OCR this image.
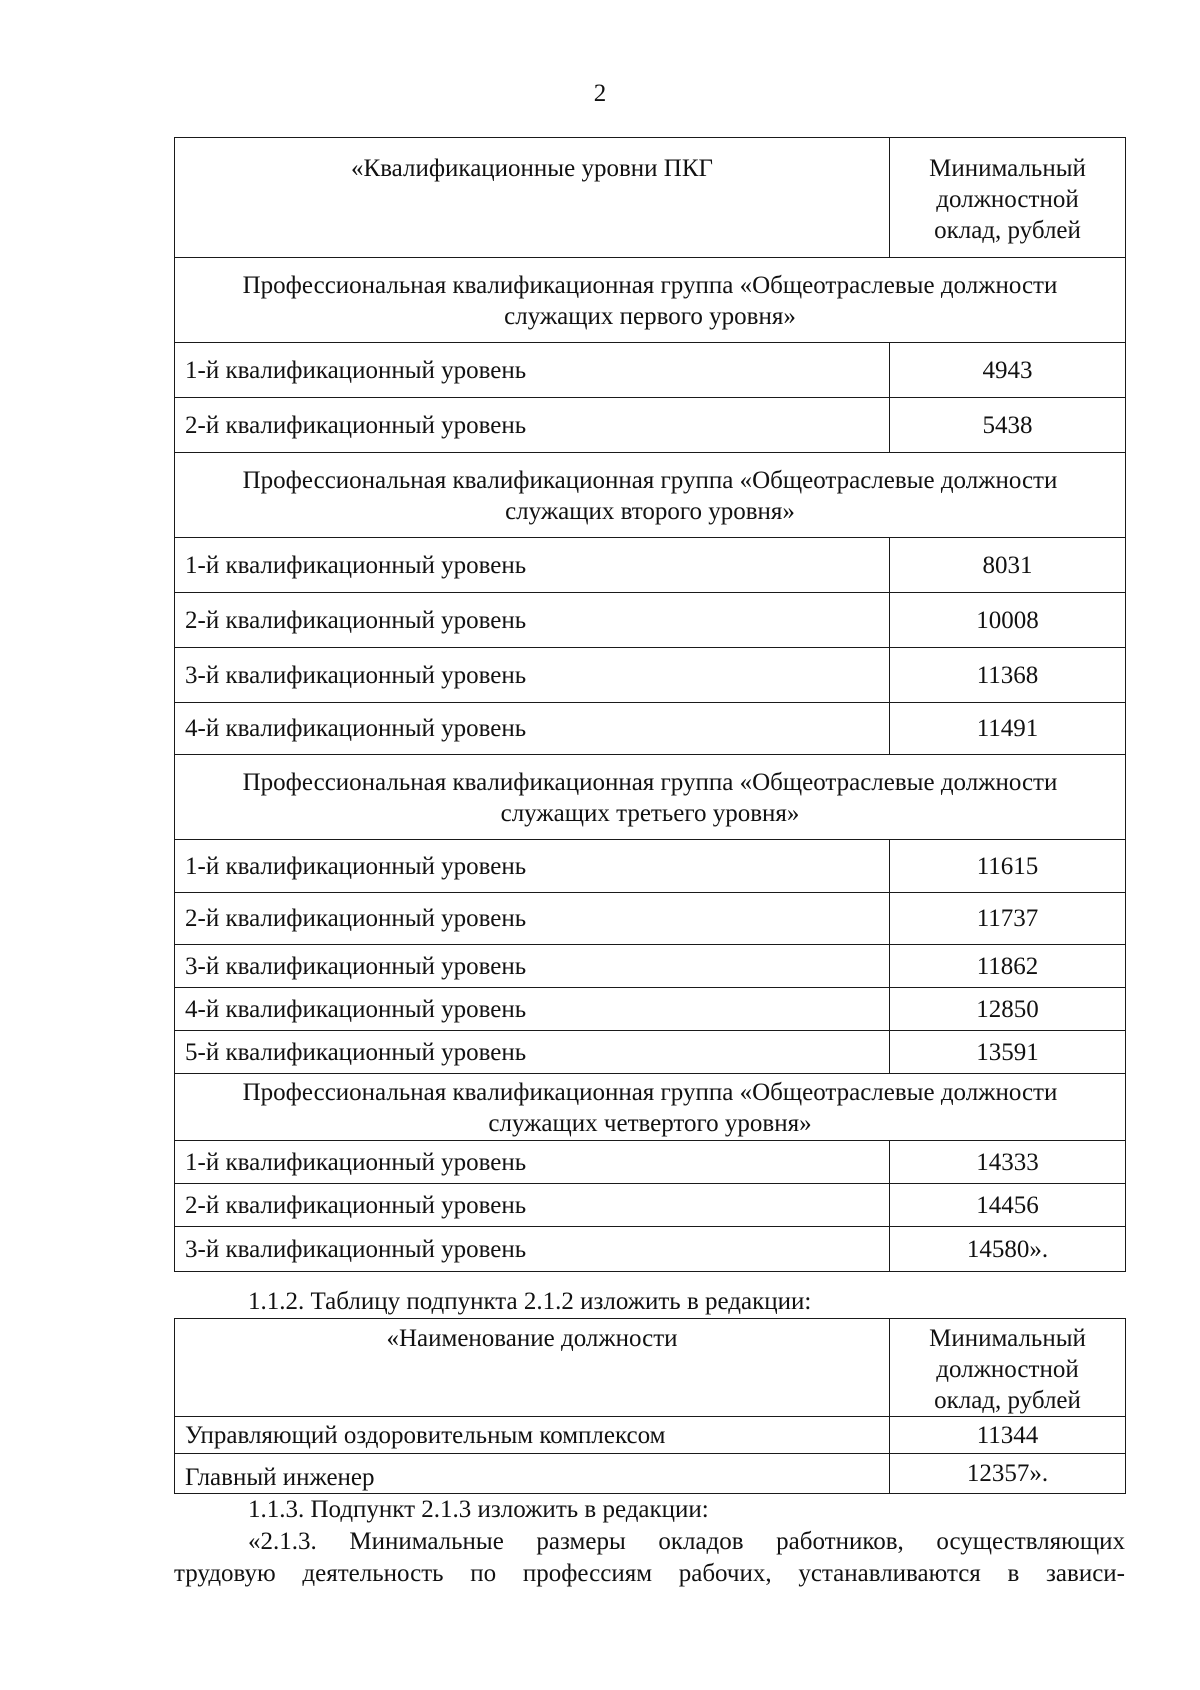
2
«Квалификационные уровни ПКГ	Минимальный должностной оклад, рублей
Профессиональная квалификационная группа «Общеотраслевые должности служащих первого уровня»	
1-й квалификационный уровень	4943
2-й квалификационный уровень	5438
Профессиональная квалификационная группа «Общеотраслевые должности служащих второго уровня»	
1-й квалификационный уровень	8031
2-й квалификационный уровень	10008
3-й квалификационный уровень	11368
4-й квалификационный уровень	11491
Профессиональная квалификационная группа «Общеотраслевые должности служащих третьего уровня»	
1-й квалификационный уровень	11615
2-й квалификационный уровень	11737
3-й квалификационный уровень	11862
4-й квалификационный уровень	12850
5-й квалификационный уровень	13591
Профессиональная квалификационная группа «Общеотраслевые должности служащих четвертого уровня»	
1-й квалификационный уровень	14333
2-й квалификационный уровень	14456
3-й квалификационный уровень	14580».
1.1.2. Таблицу подпункта 2.1.2 изложить в редакции:
«Наименование должности	Минимальный должностной оклад, рублей
Управляющий оздоровительным комплексом	11344
Главный инженер	12357».
1.1.3. Подпункт 2.1.3 изложить в редакции:
«2.1.3. Минимальные размеры окладов работников, осуществляющих
трудовую деятельность по профессиям рабочих, устанавливаются в зависи-
